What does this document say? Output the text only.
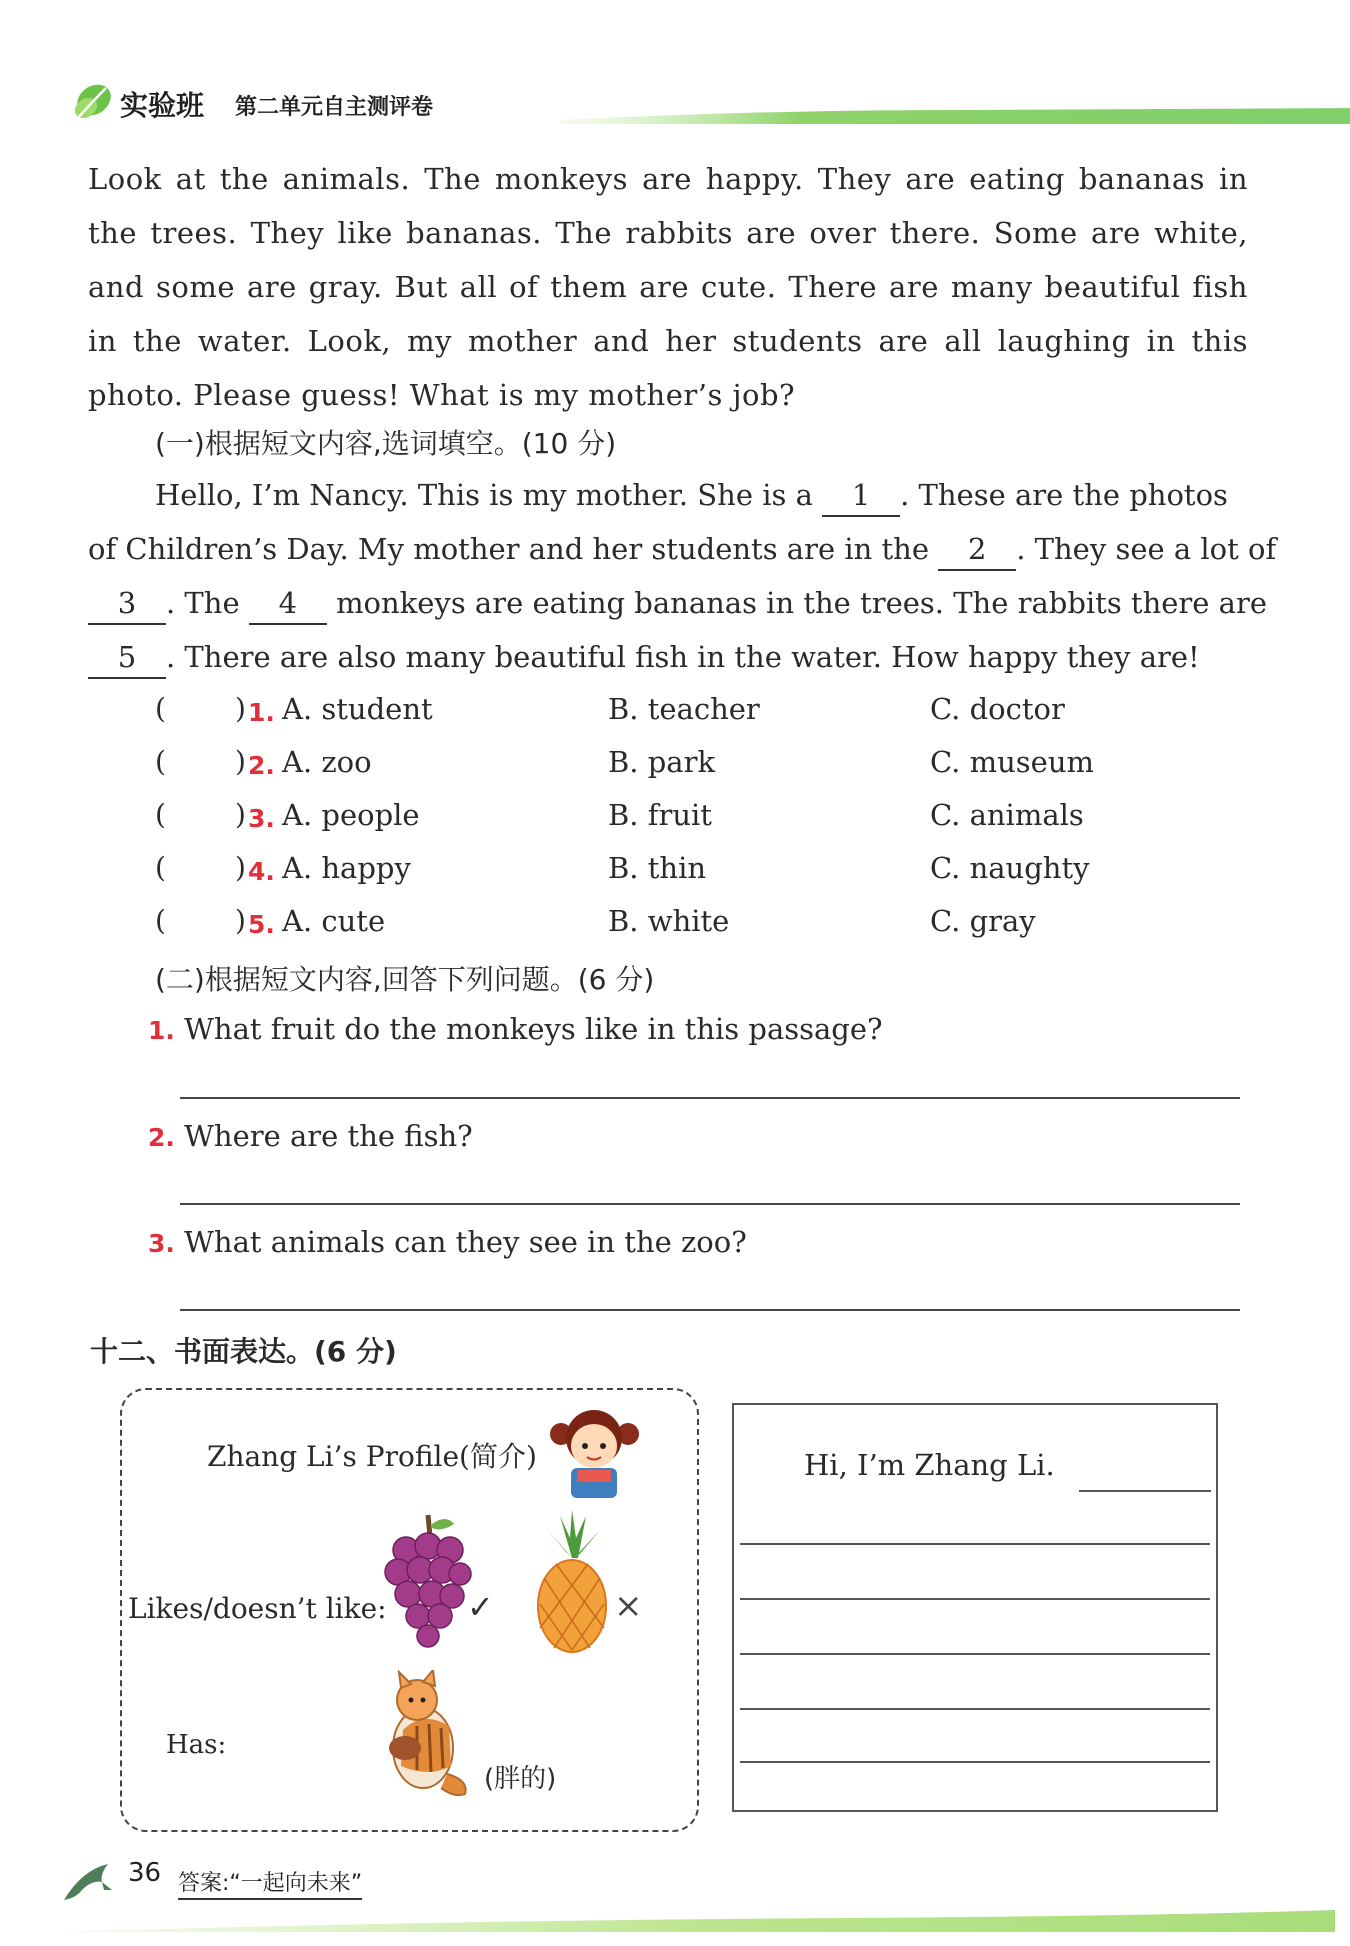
实验班 第二单元自主测评卷
Look at the animals. The monkeys are happy. They are eating bananas in the trees. They like bananas. The rabbits are over there. Some are white, and some are gray. But all of them are cute. There are many beautiful fish in the water. Look, my mother and her students are all laughing in this photo. Please guess! What is my mother’s job?
(一)根据短文内容,选词填空。(10 分)
Hello, I’m Nancy. This is my mother. She is a 1 . These are the photos
of Children’s Day. My mother and her students are in the 2 . They see a lot of
3 . The 4 monkeys are eating bananas in the trees. The rabbits there are
5 . There are also many beautiful fish in the water. How happy they are!
( ) 1. A. student	B. teacher	C. doctor
( ) 2. A. zoo	B. park	C. museum
( ) 3. A. people	B. fruit	C. animals
( ) 4. A. happy	B. thin	C. naughty
( ) 5. A. cute	B. white	C. gray
(二)根据短文内容,回答下列问题。(6 分)
1. What fruit do the monkeys like in this passage?
2. Where are the fish?
3. What animals can they see in the zoo?
十二、书面表达。(6 分)
Zhang Li’s Profile(简介)
Likes/doesn’t like:	✓	×
Has:
(胖的)
Hi, I’m Zhang Li.
36 答案:“一起向未来”
